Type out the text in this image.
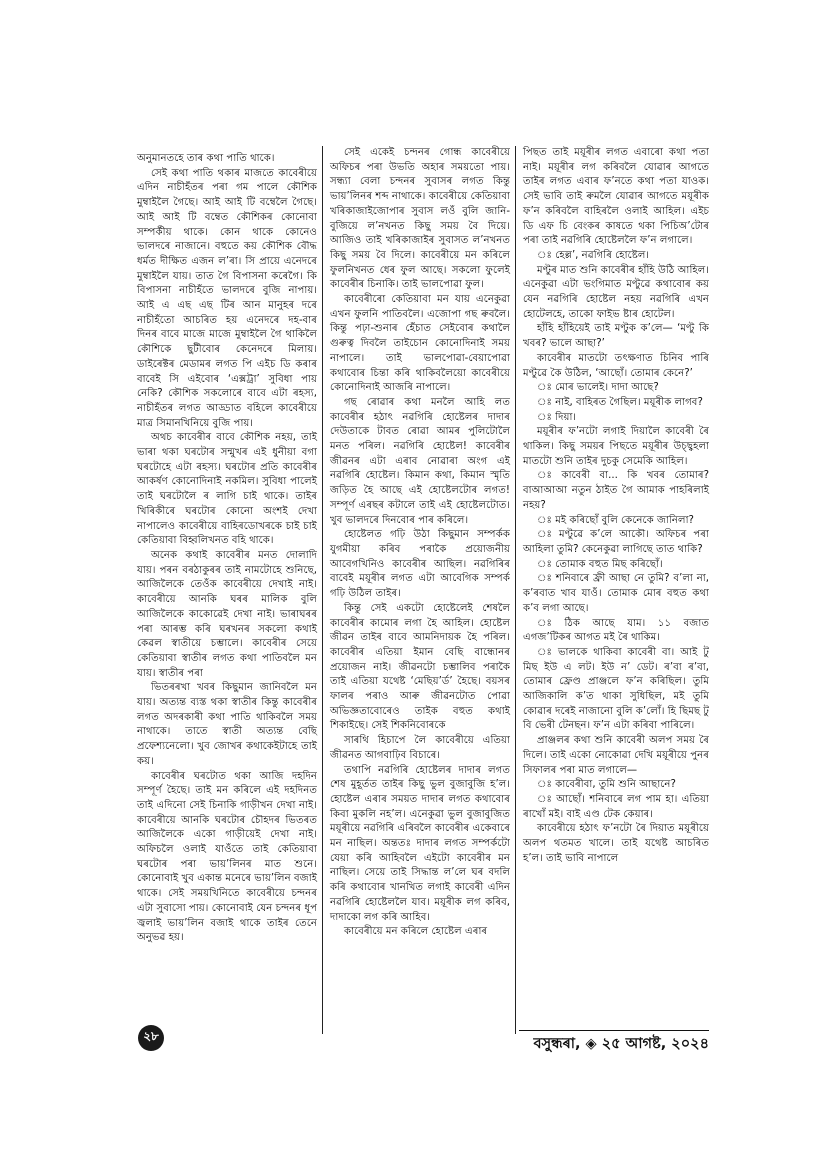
অনুমানতহে তাৰ কথা পাতি থাকে।

সেই কথা পাতি থকাৰ মাজতে কাবেৰীয়ে এদিন নাচীহঁতৰ পৰা গম পালে কৌশিক মুম্বাইলৈ গৈছে। আই আই টি বম্বেলৈ গৈছে। আই আই টি বম্বেত কৌশিকৰ কোনোবা সম্পৰ্কীয় থাকে। কোন থাকে কোনেও ভালদৰে নাজানে। বহুতে কয় কৌশিক বৌদ্ধ ধৰ্মত দীক্ষিত এজন ল’ৰা। সি প্ৰায়ে এনেদৰে মুম্বাইলৈ যায়। তাত গৈ বিপাসনা কৰেগৈ। কি বিপাসনা নাচীহঁতে ভালদৰে বুজি নাপায়। আই এ এছ এছ টিৰ আন মানুহৰ দৰে নাচীহঁতো আচৰিত হয় এনেদৰে দহ-বাৰ দিনৰ বাবে মাজে মাজে মুম্বাইলৈ গৈ থাকিলৈ কৌশিকে ছুটীবোৰ কেনেদৰে মিলায়। ডাইৰেক্টৰ মেডামৰ লগত পি এইচ ডি কৰাৰ বাবেই সি এইবোৰ ‘এক্সট্ৰা’ সুবিধা পায় নেকি? কৌশিক সকলোৰে বাবে এটা ৰহস্য, নাচীহঁতৰ লগত আড্ডাত বহিলে কাবেৰীয়ে মাত্ৰ সিমানখিনিয়ে বুজি পায়।

অথচ কাবেৰীৰ বাবে কৌশিক নহয়, তাই ভাৰা থকা ঘৰটোৰ সন্মুখৰ এই ধুনীয়া বগা ঘৰটোহে এটা ৰহস্য। ঘৰটোৰ প্ৰতি কাবেৰীৰ আকৰ্ষণ কোনোদিনাই নকমিল। সুবিধা পালেই তাই ঘৰটোলৈ ৰ লাগি চাই থাকে। তাইৰ খিৰিকীৰে ঘৰটোৰ কোনো অংশই দেখা নাপালেও কাবেৰীয়ে বাহিৰডোখৰকে চাই চাই কেতিয়াবা বিহ্বলিখনত বহি থাকে।

অনেক কথাই কাবেৰীৰ মনত দোলাদি যায়। পৰন বৰঠাকুৰৰ তাই নামটোহে শুনিছে, আজিলৈকে তেওঁক কাবেৰীয়ে দেখাই নাই। কাবেৰীয়ে আনকি ঘৰৰ মালিক বুলি আজিলৈকে কাকোৱেই দেখা নাই। ভাৰাঘৰৰ পৰা আৰম্ভ কৰি ঘৰখনৰ সকলো কথাই কেৱল স্বাতীয়ে চম্ভালে। কাবেৰীৰ সেয়ে কেতিয়াবা স্বাতীৰ লগত কথা পাতিবলৈ মন যায়। স্বাতীৰ পৰা

ভিতৰৰখা খবৰ কিছুমান জানিবলৈ মন যায়। অত্যন্ত ব্যস্ত থকা স্বাতীৰ কিন্তু কাবেৰীৰ লগত অদৰকাৰী কথা পাতি থাকিবলৈ সময় নাথাকে। তাতে স্বাতী অত্যন্ত বেছি প্ৰফেশ্যনেলো। খুব জোখৰ কথাকেইটাহে তাই কয়।

কাবেৰীৰ ঘৰটোত থকা আজি দহদিন সম্পূৰ্ণ হৈছে। তাই মন কৰিলে এই দহদিনত তাই এদিনো সেই চিনাকি গাড়ীখন দেখা নাই। কাবেৰীয়ে আনকি ঘৰটোৰ চৌহদৰ ভিতৰত আজিলৈকে একো গাড়ীয়েই দেখা নাই। অফিচলৈ ওলাই যাওঁতে তাই কেতিয়াবা ঘৰটোৰ পৰা ভায়’লিনৰ মাত শুনে। কোনোবাই খুব একান্ত মনেৰে ভায়’লিন বজাই থাকে। সেই সময়খিনিতে কাবেৰীয়ে চন্দনৰ এটা সুবাসো পায়। কোনোবাই যেন চন্দনৰ ধূপ জ্বলাই ভায়’লিন বজাই থাকে তাইৰ তেনে অনুভৱ হয়।

সেই একেই চন্দনৰ গোন্ধ কাবেৰীয়ে অফিচৰ পৰা উভতি অহাৰ সময়তো পায়। সন্ধ্যা বেলা চন্দনৰ সুবাসৰ লগত কিন্তু ভায়’লিনৰ শব্দ নাথাকে। কাবেৰীয়ে কেতিয়াবা খৰিকাজাইজোপাৰ সুবাস লওঁ বুলি জানি-বুজিয়ে ল’নখনত কিছু সময় বৈ দিয়ে। আজিও তাই খৰিকাজাইৰ সুবাসত ল’নখনত কিছু সময় বৈ দিলে। কাবেৰীয়ে মন কৰিলে ফুলনিখনত ধেৰ ফুল আছে। সকলো ফুলেই কাবেৰীৰ চিনাকি। তাই ভালপোৱা ফুল।

কাবেৰীৰো কেতিয়াবা মন যায় এনেকুৱা এখন ফুলনি পাতিবলৈ। এজোপা গছ ৰুবলৈ। কিন্তু পঢ়া-শুনাৰ হেঁচাত সেইবোৰ কথালৈ গুৰুত্ব দিবলৈ তাইচোন কোনোদিনাই সময় নাপালে। তাই ভালপোৱা-বেয়াপোৱা কথাবোৰ চিন্তা কৰি থাকিবলৈয়ো কাবেৰীয়ে কোনোদিনাই আজৰি নাপালে।

গছ ৰোৱাৰ কথা মনলৈ আহি লত কাবেৰীৰ হঠাৎ নৱগিৰি হোষ্টেলৰ দাদাৰ দেউতাকে টাবত ৰোৱা আমৰ পুলিটোলৈ মনত পৰিল। নৱগিৰি হোষ্টেল! কাবেৰীৰ জীৱনৰ এটা এৰাব নোৱাৰা অংগ এই নৱগিৰি হোষ্টেল। কিমান কথা, কিমান স্মৃতি জড়িত হৈ আছে এই হোষ্টেলটোৰ লগত! সম্পূৰ্ণ এৰছৰ কটালে তাই এই হোষ্টেলটোত। খুব ভালদৰে দিনবোৰ পাৰ কৰিলে।

হোষ্টেলত গঢ়ি উঠা কিছুমান সম্পৰ্কক যুগমীয়া কৰিব পৰাকৈ প্ৰয়োজনীয় আবেগখিনিও কাবেৰীৰ আছিল। নৱগিৰিৰ বাবেই ময়ূৰীৰ লগত এটা আবেগিক সম্পৰ্ক গঢ়ি উঠিল তাইৰ।

কিন্তু সেই একটো হোষ্টেলেই শেষলৈ কাবেৰীৰ কামোৰ লগা হৈ আহিল। হোষ্টেল জীৱন তাইৰ বাবে আমনিদায়ক হৈ পৰিল। কাবেৰীৰ এতিয়া ইমান বেছি বান্ধোনৰ প্ৰয়োজন নাই। জীৱনটো চম্ভালিব পৰাকৈ তাই এতিয়া যথেষ্ট ‘মেছিয়’ৰ্ড’ হৈছে। বয়সৰ ফালৰ পৰাও আৰু জীৱনটোত পোৱা অভিজ্ঞতাবোৰেও তাইক বহুত কথাই শিকাইছে। সেই শিকনিবোৰকে

সাৰথি হিচাপে লৈ কাবেৰীয়ে এতিয়া জীৱনত আগবাঢ়িব বিচাৰে।

তথাপি নৱগিৰি হোষ্টেলৰ দাদাৰ লগত শেষ মুহূৰ্তত তাইৰ কিছু ভুল বুজাবুজি হ’ল। হোষ্টেল এৰাৰ সময়ত দাদাৰ লগত কথাবোৰ কিবা মুকলি নহ’ল। এনেকুৱা ভুল বুজাবুজিত ময়ূৰীয়ে নৱগিৰি এৰিবলৈ কাবেৰীৰ একেবাৰে মন নাছিল। অন্ততঃ দাদাৰ লগত সম্পৰ্কটো যেয়া কৰি আহিবলৈ এইটো কাবেৰীৰ মন নাছিল। সেয়ে তাই সিদ্ধান্ত ল’লে ঘৰ বদলি কৰি কথাবোৰ খানখিত লগাই কাবেৰী এদিন নৱগিৰি হোষ্টেললৈ যাব। ময়ূৰীক লগ কৰিব, দাদাকো লগ কৰি আহিব।

কাবেৰীয়ে মন কৰিলে হোষ্টেল এৰাৰ

পিছত তাই ময়ূৰীৰ লগত এবাৰো কথা পতা নাই। ময়ূৰীৰ লগ কৰিবলৈ যোৱাৰ আগতে তাইৰ লগত এবাৰ ফ’নতে কথা পতা যাওক। সেই ভাবি তাই ৰুমলৈ যোৱাৰ আগতে ময়ূৰীক ফ’ন কৰিবলৈ বাহিৰলৈ ওলাই আহিল। এইচ ডি এফ চি বেংকৰ কাষতে থকা পিচিঅ’টোৰ পৰা তাই নৱগিৰি হোষ্টেললৈ ফ’ন লগালে।

ঃ হেল্ল’, নৱগিৰি হোষ্টেল।

মণ্টুৰ মাত শুনি কাবেৰীৰ হাঁহি উঠি আহিল। এনেকুৱা এটা ভংগিমাত মণ্টুৱে কথাবোৰ কয় যেন নৱগিৰি হোষ্টেল নহয় নৱগিৰি এখন হোটেলহে, তাকো ফাইভ ষ্টাৰ হোটেল।

হাঁহি হাঁহিয়েই তাই মণ্টুক ক’লে— ‘মণ্টু কি খবৰ? ভালে আছা?’

কাবেৰীৰ মাতটো তৎক্ষণাত চিনিব পাৰি মণ্টুৱে কৈ উঠিল, ‘আছোঁ। তোমাৰ কেনে?’

ঃ মোৰ ভালেই। দাদা আছে?

ঃ নাই, বাহিৰত গৈছিল। ময়ূৰীক লাগব?

ঃ দিয়া।

ময়ূৰীৰ ফ’নটো লগাই দিয়ালৈ কাবেৰী ৰৈ থাকিল। কিছু সময়ৰ পিছতে ময়ূৰীৰ উচ্ছ্বহলা মাতটো শুনি তাইৰ দুচকু সেমেকি আহিল।

ঃ কাবেৰী বা... কি খবৰ তোমাৰ? বাআআআ নতুন ঠাইত গৈ আমাক পাহৰিলাই নহয়?

ঃ মই কৰিছোঁ বুলি কেনেকে জানিলা?

ঃ মণ্টুৱে ক’লে আকৌ। অফিচৰ পৰা আহিলা তুমি? কেনেকুৱা লাগিছে তাত থাকি?

ঃ তোমাক বহুত মিছ কৰিছোঁ।

ঃ শনিবাৰে ফ্ৰী আছা নে তুমি? ব’লা না, ক’ৰবাত খাব যাওঁ। তোমাক মোৰ বহুত কথা ক’ব লগা আছে।

ঃ ঠিক আছে যাম। ১১ বজাত এগজ’টিকৰ আগত মই ৰৈ থাকিম।

ঃ ভালকে থাকিবা কাবেৰী বা। আই টু মিছ ইউ এ লট। ইউ ন’ ডেট। ৰ’বা ৰ’বা, তোমাৰ ফ্ৰেণ্ড প্ৰাঞ্জলে ফ’ন কৰিছিল। তুমি আজিকালি ক’ত থাকা সুধিছিল, মই তুমি কোৱাৰ দৰেই নাজানো বুলি ক’লোঁ। হি ছিমছ টু বি ভেৰী টেনছন। ফ’ন এটা কৰিবা পাৰিলে।

প্ৰাঞ্জলৰ কথা শুনি কাবেৰী অলপ সময় ৰৈ দিলে। তাই একো নোকোৱা দেখি ময়ূৰীয়ে পুনৰ সিফালৰ পৰা মাত লগালে—

ঃ কাবেৰীবা, তুমি শুনি আছানে?

ঃ আছোঁ। শনিবাৰে লগ পাম হা। এতিয়া ৰাখোঁ মই। বাই এণ্ড টেক কেয়াৰ।

কাবেৰীয়ে হঠাৎ ফ’নটো ৰৈ দিয়াত ময়ূৰীয়ে অলপ থতমত খালে। তাই যথেষ্ট আচৰিত হ’ল। তাই ভাবি নাপালে

২৮	বসুন্ধৰা, ◈ ২৫ আগষ্ট, ২০২৪
